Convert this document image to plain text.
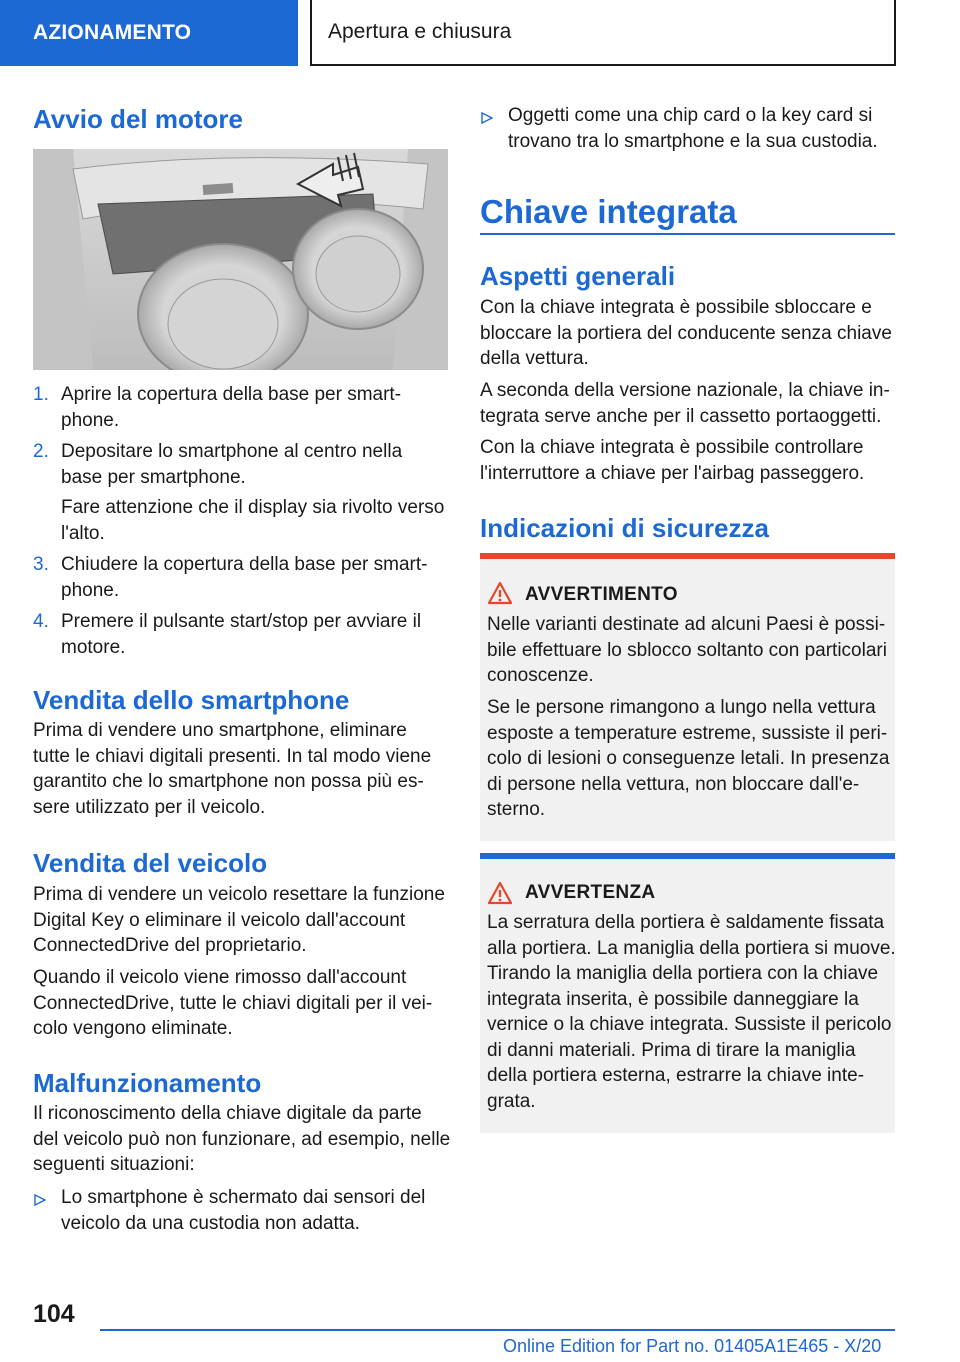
AZIONAMENTO	Apertura e chiusura
Avvio del motore
1. Aprire la copertura della base per smart‐
phone.
2. Depositare lo smartphone al centro nella
base per smartphone.
Fare attenzione che il display sia rivolto verso
l'alto.
3. Chiudere la copertura della base per smart‐
phone.
4. Premere il pulsante start/stop per avviare il
motore.
Vendita dello smartphone
Prima di vendere uno smartphone, eliminare
tutte le chiavi digitali presenti. In tal modo viene
garantito che lo smartphone non possa più es‐
sere utilizzato per il veicolo.
Vendita del veicolo
Prima di vendere un veicolo resettare la funzione
Digital Key o eliminare il veicolo dall'account
ConnectedDrive del proprietario.
Quando il veicolo viene rimosso dall'account
ConnectedDrive, tutte le chiavi digitali per il vei‐
colo vengono eliminate.
Malfunzionamento
Il riconoscimento della chiave digitale da parte
del veicolo può non funzionare, ad esempio, nelle
seguenti situazioni:
Lo smartphone è schermato dai sensori del
veicolo da una custodia non adatta.
Oggetti come una chip card o la key card si
trovano tra lo smartphone e la sua custodia.
Chiave integrata
Aspetti generali
Con la chiave integrata è possibile sbloccare e
bloccare la portiera del conducente senza chiave
della vettura.
A seconda della versione nazionale, la chiave in‐
tegrata serve anche per il cassetto portaoggetti.
Con la chiave integrata è possibile controllare
l'interruttore a chiave per l'airbag passeggero.
Indicazioni di sicurezza
AVVERTIMENTO
Nelle varianti destinate ad alcuni Paesi è possi‐
bile effettuare lo sblocco soltanto con particolari
conoscenze.
Se le persone rimangono a lungo nella vettura
esposte a temperature estreme, sussiste il peri‐
colo di lesioni o conseguenze letali. In presenza
di persone nella vettura, non bloccare dall'e‐
sterno.
AVVERTENZA
La serratura della portiera è saldamente fissata
alla portiera. La maniglia della portiera si muove.
Tirando la maniglia della portiera con la chiave
integrata inserita, è possibile danneggiare la
vernice o la chiave integrata. Sussiste il pericolo
di danni materiali. Prima di tirare la maniglia
della portiera esterna, estrarre la chiave inte‐
grata.
104
Online Edition for Part no. 01405A1E465 - X/20
